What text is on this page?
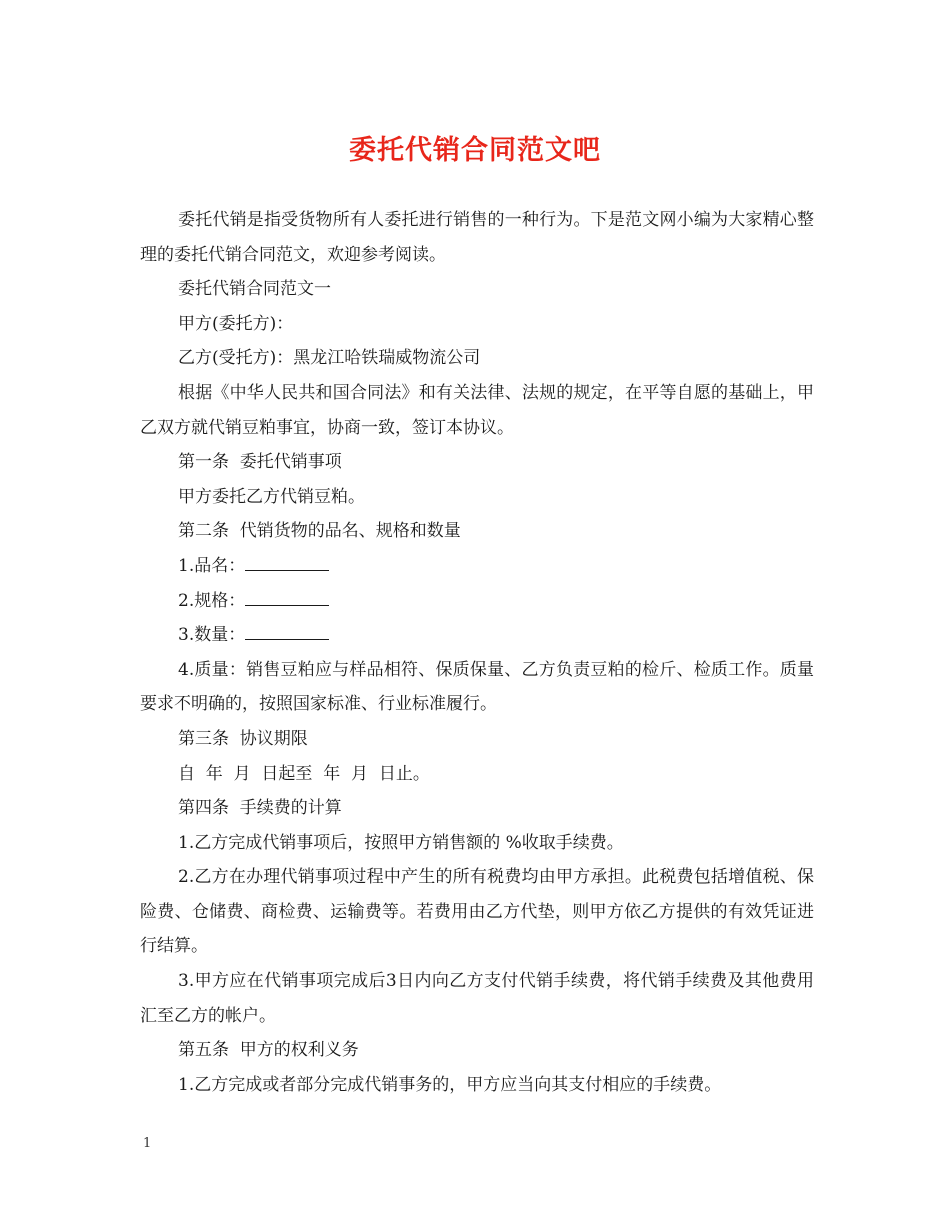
委托代销合同范文吧

委托代销是指受货物所有人委托进行销售的一种行为。下是范文网小编为大家精心整理的委托代销合同范文，欢迎参考阅读。

委托代销合同范文一

甲方(委托方)：

乙方(受托方)：黑龙江哈铁瑞威物流公司

根据《中华人民共和国合同法》和有关法律、法规的规定，在平等自愿的基础上，甲乙双方就代销豆粕事宜，协商一致，签订本协议。

第一条  委托代销事项

甲方委托乙方代销豆粕。

第二条  代销货物的品名、规格和数量

1.品名：

2.规格：

3.数量：

4.质量：销售豆粕应与样品相符、保质保量、乙方负责豆粕的检斤、检质工作。质量要求不明确的，按照国家标准、行业标准履行。

第三条  协议期限

自  年  月  日起至  年  月  日止。

第四条  手续费的计算

1.乙方完成代销事项后，按照甲方销售额的 %收取手续费。

2.乙方在办理代销事项过程中产生的所有税费均由甲方承担。此税费包括增值税、保险费、仓储费、商检费、运输费等。若费用由乙方代垫，则甲方依乙方提供的有效凭证进行结算。

3.甲方应在代销事项完成后3日内向乙方支付代销手续费，将代销手续费及其他费用汇至乙方的帐户。

第五条  甲方的权利义务

1.乙方完成或者部分完成代销事务的，甲方应当向其支付相应的手续费。

1
